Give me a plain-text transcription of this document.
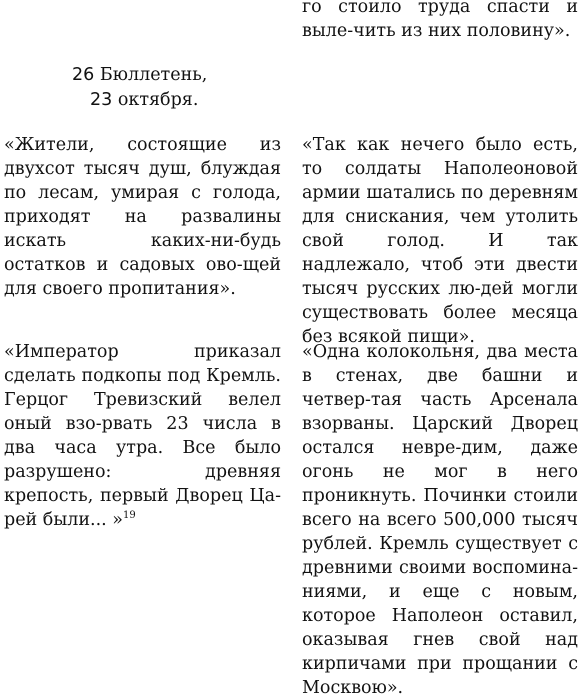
го стоило труда спасти и выле-чить из них половину».

26 Бюллетень,
23 октября.

«Жители, состоящие из двухсот тысяч душ, блуждая по лесам, умирая с голода, приходят на развалины искать каких-ни-будь остатков и садовых ово-щей для своего пропитания».

«Так как нечего было есть, то солдаты Наполеоновой армии шатались по деревням для снискания, чем утолить свой голод. И так надлежало, чтоб эти двести тысяч русских лю-дей могли существовать более месяца без всякой пищи».

«Император приказал сделать подкопы под Кремль. Герцог Тревизский велел оный взо-рвать 23 числа в два часа утра. Все было разрушено: древняя крепость, первый Дворец Ца-рей были... »$^{19}$

«Одна колокольня, два места в стенах, две башни и четвер-тая часть Арсенала взорваны. Царский Дворец остался невре-дим, даже огонь не мог в него проникнуть. Починки стоили всего на всего 500,000 тысяч рублей. Кремль существует с древними своими воспомина-ниями, и еще с новым, которое Наполеон оставил, оказывая гнев свой над кирпичами при прощании с Москвою».
